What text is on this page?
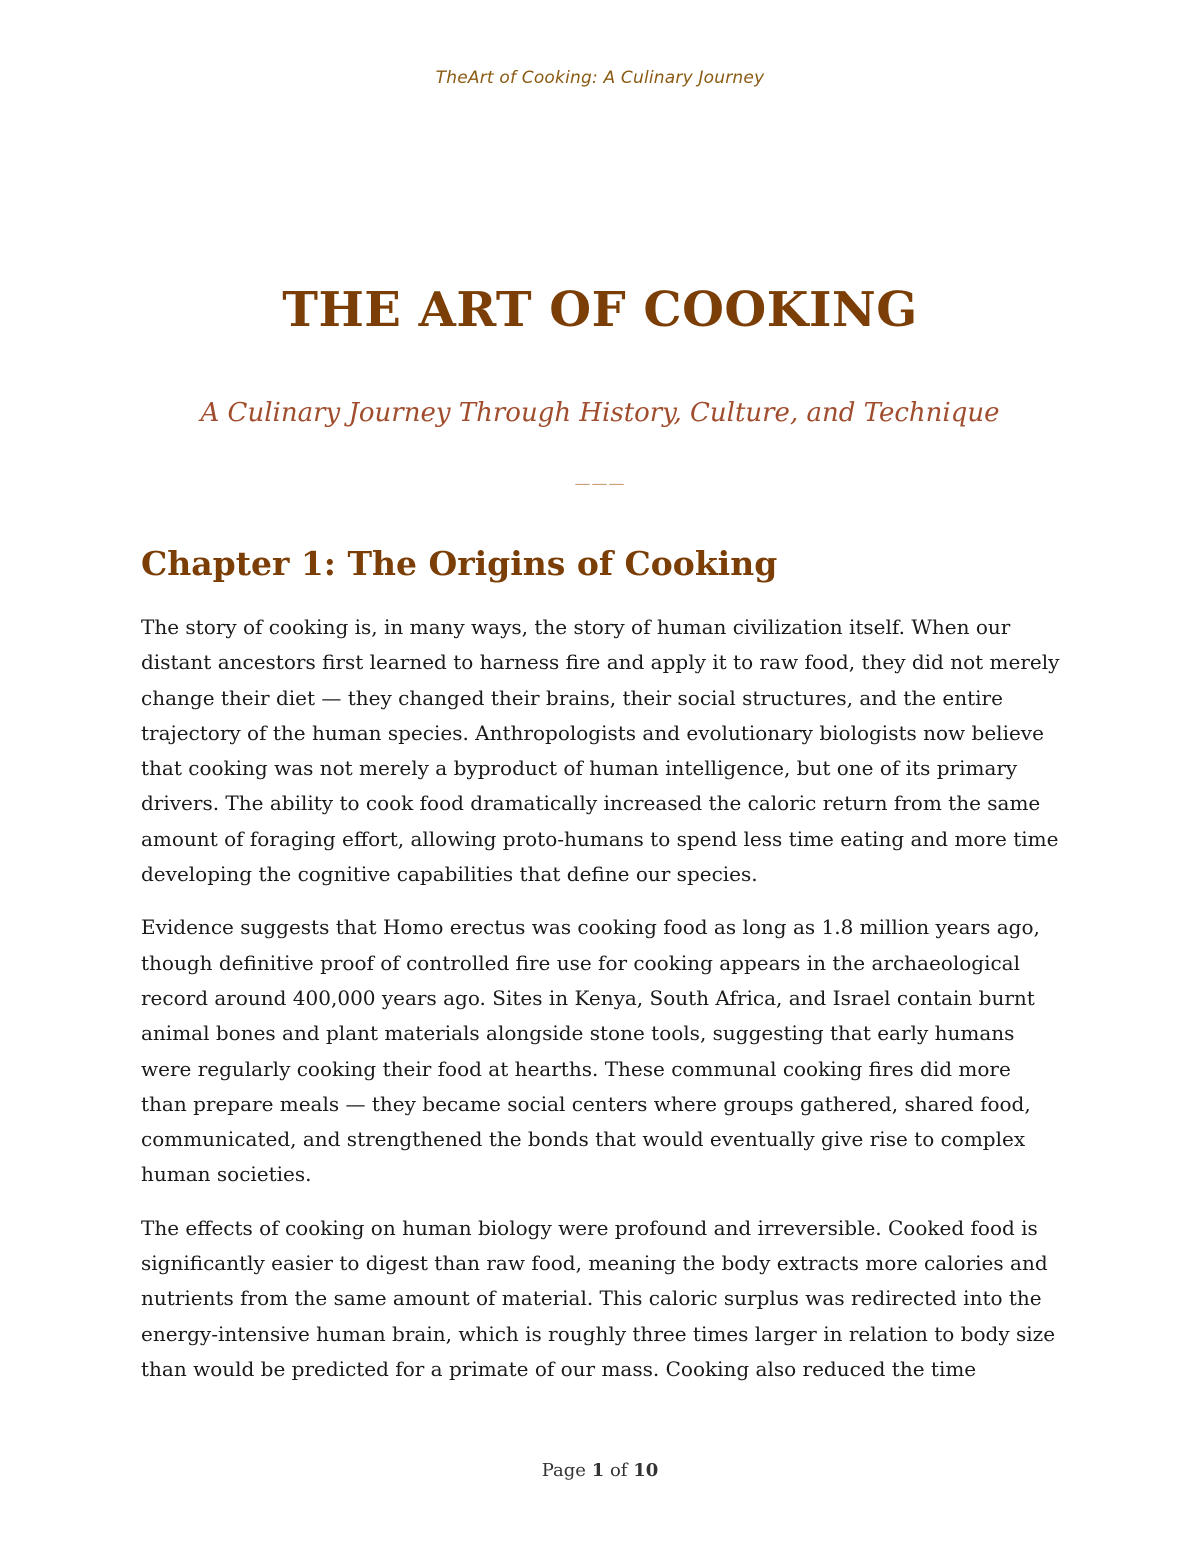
TheArt of Cooking: A Culinary Journey
THE ART OF COOKING
A Culinary Journey Through History, Culture, and Technique
———
Chapter 1: The Origins of Cooking

The story of cooking is, in many ways, the story of human civilization itself. When our distant ancestors first learned to harness fire and apply it to raw food, they did not merely change their diet — they changed their brains, their social structures, and the entire trajectory of the human species. Anthropologists and evolutionary biologists now believe that cooking was not merely a byproduct of human intelligence, but one of its primary drivers. The ability to cook food dramatically increased the caloric return from the same amount of foraging effort, allowing proto-humans to spend less time eating and more time developing the cognitive capabilities that define our species.

Evidence suggests that Homo erectus was cooking food as long as 1.8 million years ago, though definitive proof of controlled fire use for cooking appears in the archaeological record around 400,000 years ago. Sites in Kenya, South Africa, and Israel contain burnt animal bones and plant materials alongside stone tools, suggesting that early humans were regularly cooking their food at hearths. These communal cooking fires did more than prepare meals — they became social centers where groups gathered, shared food, communicated, and strengthened the bonds that would eventually give rise to complex human societies.

The effects of cooking on human biology were profound and irreversible. Cooked food is significantly easier to digest than raw food, meaning the body extracts more calories and nutrients from the same amount of material. This caloric surplus was redirected into the energy-intensive human brain, which is roughly three times larger in relation to body size than would be predicted for a primate of our mass. Cooking also reduced the time

Page 1 of 10
